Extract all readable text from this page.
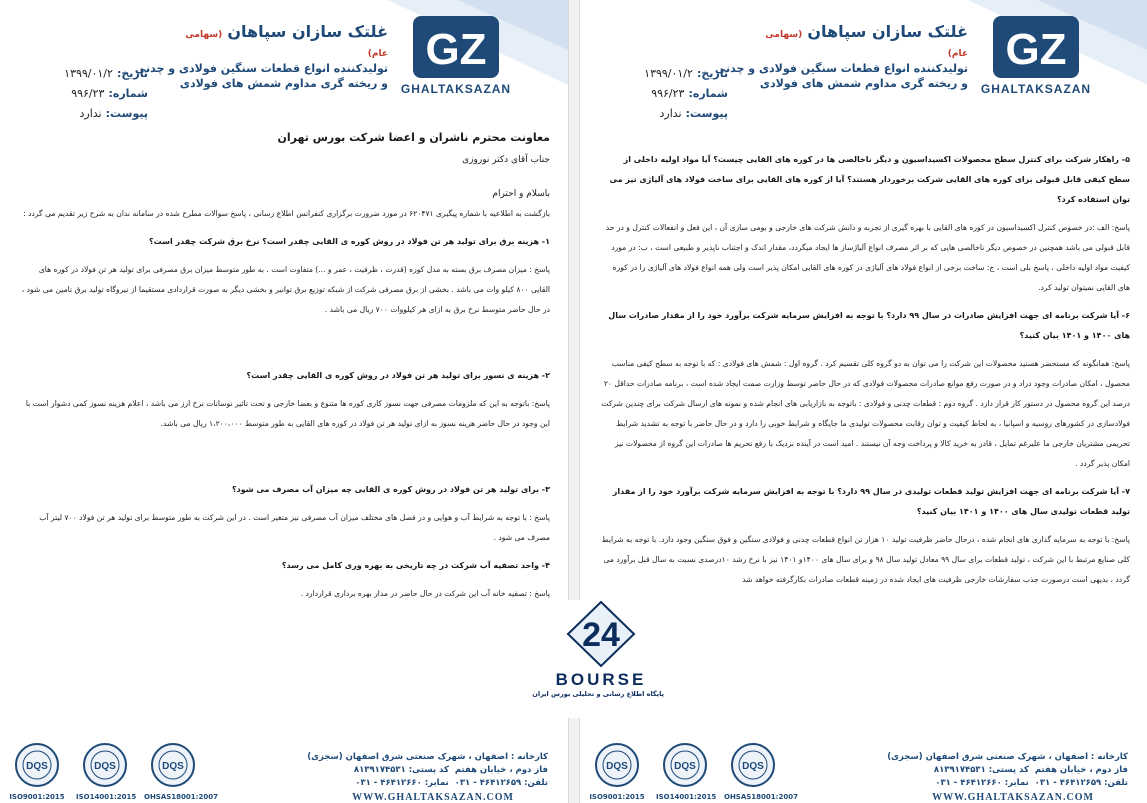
GZ
GHALTAKSAZAN
غلتک سازان سپاهان (سهامی عام)
تولیدکننده انواع قطعات سنگین فولادی و چدنی
و ریخته گری مداوم شمش های فولادی
تاریخ:۱۳۹۹/۰۱/۲
شماره:۹۹۶/۲۳
پیوست:ندارد

معاونت محترم ناشران و اعضا شرکت بورس تهران

جناب آقای دکتر نوروزی

باسلام و احترام

بازگشت به اطلاعیه با شماره پیگیری ۶۲۰۴۷۱ در مورد ضرورت برگزاری کنفرانس اطلاع رسانی ، پاسخ سوالات مطرح شده در سامانه ندان به شرح زیر تقدیم می گردد :

۱- هزینه برق برای تولید هر تن فولاد در روش کوره ی القایی چقدر است؟ نرخ برق شرکت چقدر است؟

پاسخ : میزان مصرف برق بسته به مدل کوره (قدرت ، ظرفیت ، عمر و ...) متفاوت است . به طور متوسط میزان برق مصرفی برای تولید هر تن فولاد در کوره های القایی ۸۰۰ کیلو وات می باشد . بخشی از برق مصرفی شرکت از شبکه توزیع برق توانیر و بخشی دیگر به صورت قراردادی مستقیما از نیروگاه تولید برق تامین می شود ، در حال حاضر متوسط نرخ برق به ازای هر کیلووات ۷۰۰ ریال می باشد .

۲- هزینه ی نسوز برای تولید هر تن فولاد در روش کوره ی القایی چقدر است؟

پاسخ: باتوجه به این که ملزومات مصرفی جهت نسوز کاری کوره ها متنوع و بعضا خارجی و تحت تاثیر نوسانات نرخ ارز می باشد ، اعلام هزینه نسوز کمی دشوار است با این وجود در حال حاضر هزینه نسوز به ازای تولید هر تن فولاد در کوره های القایی به طور متوسط ۱،۲۰۰،۰۰۰ ریال می باشد.

۳- برای تولید هر تن فولاد در روش کوره ی القایی چه میزان آب مصرف می شود؟

پاسخ : با توجه به شرایط آب و هوایی و در فصل های مختلف میزان آب مصرفی نیز متغیر است . در این شرکت به طور متوسط برای تولید هر تن فولاد ۷۰۰ لیتر آب مصرف می شود .

۴- واحد تصفیه آب شرکت در چه تاریخی به بهره وری کامل می رسد؟

پاسخ : تصفیه خانه آب این شرکت در حال حاضر در مدار بهره برداری قراردارد .

DQS
ISO9001:2015
DQS
ISO14001:2015
DQS
OHSAS18001:2007
کارخانه : اصفهان ، شهرک صنعتی شرق اصفهان (سجزی)
فاز دوم ، خیابان هفتم  کد پستی: ۸۱۳۹۱۷۴۵۳۱
تلفن: ۴۶۴۱۲۶۵۹ - ۰۳۱  نمابر: ۴۶۴۱۲۶۶۰ - ۰۳۱
WWW.GHALTAKSAZAN.COM
GZ
GHALTAKSAZAN
غلتک سازان سپاهان (سهامی عام)
تولیدکننده انواع قطعات سنگین فولادی و چدنی
و ریخته گری مداوم شمش های فولادی
تاریخ:۱۳۹۹/۰۱/۲
شماره:۹۹۶/۲۳
پیوست:ندارد

۵- راهکار شرکت برای کنترل سطح محصولات اکسیداسیون و دیگر ناخالصی ها در کوره های القایی چیست؟ آیا مواد اولیه داخلی از سطح کیفی قابل قبولی برای کوره های القایی شرکت برخوردار هستند؟ آیا از کوره های القایی برای ساخت فولاد های آلیاژی نیز می توان استفاده کرد؟

پاسخ: الف :در خصوص کنترل اکسیداسیون در کوره های القایی با بهره گیری از تجربه و دانش شرکت های خارجی و بومی سازی آن ، این فعل و انفعالات کنترل و در حد قابل قبولی می باشد همچنین در خصوص دیگر ناخالصی هایی که بر اثر مصرف انواع آلیاژساز ها ایجاد میگردد، مقدار اندک و اجتناب ناپذیر و طبیعی است ، ب: در مورد کیفیت مواد اولیه داخلی ، پاسخ بلی است ، ج: ساخت برخی از انواع فولاد های آلیاژی در کوره های القایی امکان پذیر است ولی همه انواع فولاد های آلیاژی را در کوره های القایی نمیتوان تولید کرد.

۶- آیا شرکت برنامه ای جهت افزایش صادرات در سال ۹۹ دارد؟ با توجه به افزایش سرمایه شرکت برآورد خود را از مقدار صادرات سال های ۱۴۰۰ و ۱۴۰۱ بیان کنید؟

پاسخ: همانگونه که مستحضر هستید محصولات این شرکت را می توان به دو گروه کلی تقسیم کرد . گروه اول : شمش های فولادی : که با توجه به سطح کیفی مناسب محصول ، امکان صادرات وجود دراد و در صورت رفع موانع صادرات محصولات فولادی که در حال حاضر توسط وزارت صمت ایجاد شده است ، برنامه صادرات حداقل ۲۰ درصد این گروه محصول در دستور کار قرار دارد . گروه دوم : قطعات چدنی و فولادی : باتوجه به بازاریابی های انجام شده و نمونه های ارسال شرکت برای چندین شرکت فولادسازی در کشورهای روسیه و اسپانیا ، به لحاظ کیفیت و توان رقابت محصولات تولیدی ما جایگاه و شرایط خوبی را دارد و در حال حاضر با توجه به تشدید شرایط تحریمی مشتریان خارجی ما علیرغم تمایل ، قادر به خرید کالا و پرداخت وجه آن نیستند . امید است در آینده نزدیک با رفع تحریم ها صادرات این گروه از محصولات نیز امکان پذیر گردد .

۷- آیا شرکت برنامه ای جهت افزایش تولید قطعات تولیدی در سال ۹۹ دارد؟ با توجه به افزایش سرمایه شرکت برآورد خود را از مقدار تولید قطعات تولیدی سال های ۱۴۰۰ و ۱۴۰۱ بیان کنید؟

پاسخ: با توجه به سرمایه گذاری های انجام شده ، درحال حاضر ظرفیت تولید ۱۰ هزار تن انواع قطعات چدنی و فولادی سنگین و فوق سنگین وجود دارد. با توجه به شرایط کلی صنایع مرتبط با این شرکت ، تولید قطعات برای سال ۹۹ معادل تولید سال ۹۸ و برای سال های ۱۴۰۰و ۱۴۰۱ نیز با نرخ رشد ۱۰درصدی نسبت به سال قبل برآورد می گردد ، بدیهی است درصورت جذب سفارشات خارجی ظرفیت های ایجاد شده در زمینه قطعات صادرات بکارگرفته خواهد شد

DQS
ISO9001:2015
DQS
ISO14001:2015
DQS
OHSAS18001:2007
کارخانه : اصفهان ، شهرک صنعتی شرق اصفهان (سجزی)
فاز دوم ، خیابان هفتم  کد پستی: ۸۱۳۹۱۷۴۵۳۱
تلفن: ۴۶۴۱۲۶۵۹ - ۰۳۱  نمابر: ۴۶۴۱۲۶۶۰ - ۰۳۱
WWW.GHALTAKSAZAN.COM
24
BOURSE
پایگاه اطلاع رسانی و تحلیلی بورس ایران
